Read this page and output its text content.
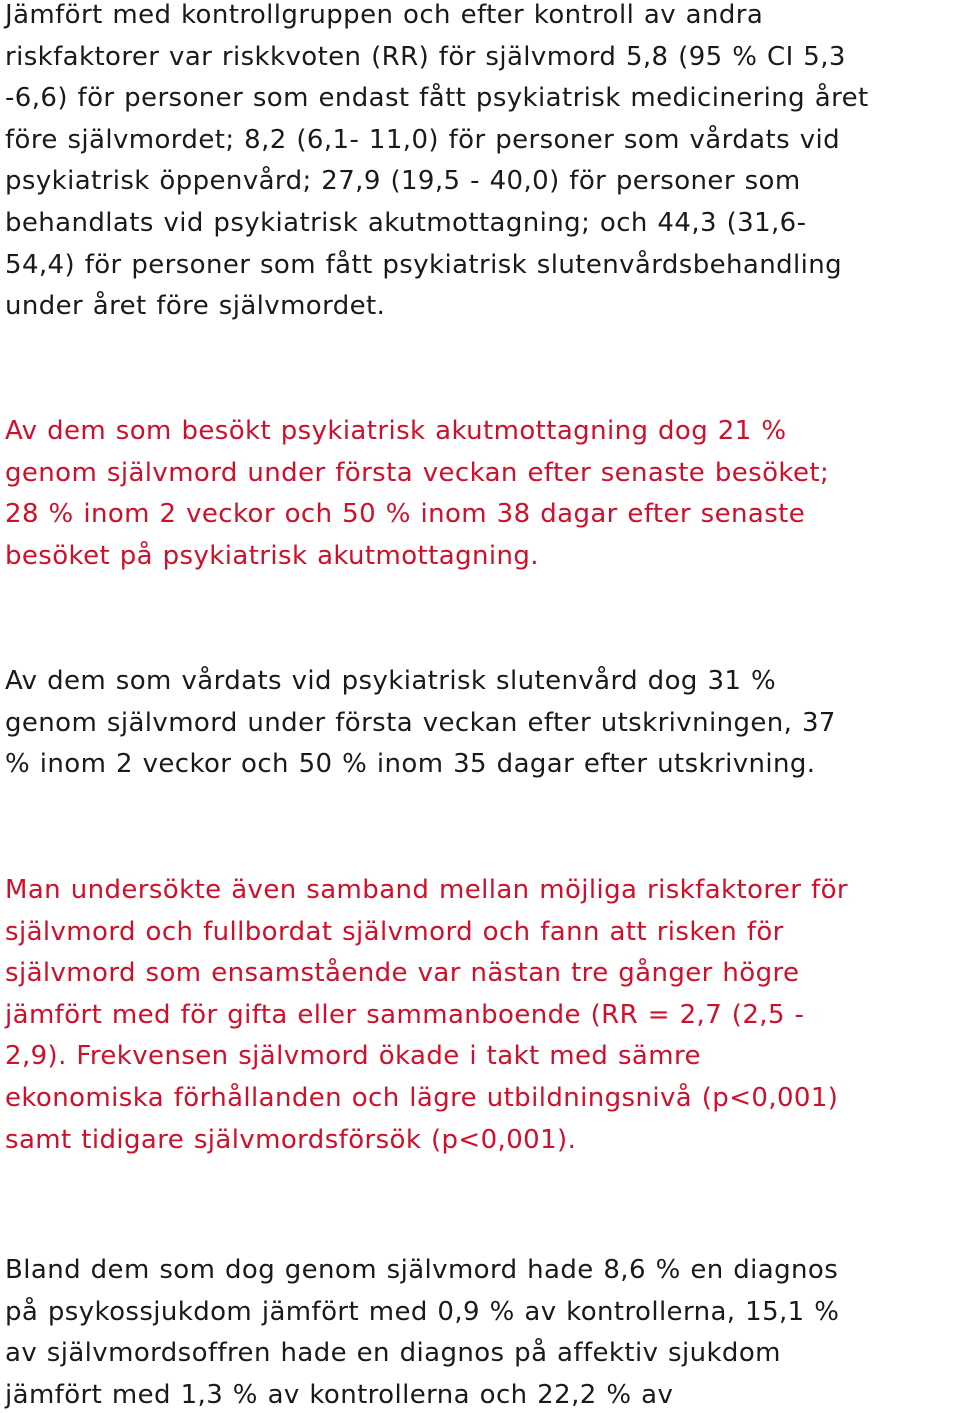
Jämfört med kontrollgruppen och efter kontroll av andra
riskfaktorer var riskkvoten (RR) för självmord 5,8 (95 % CI 5,3
-6,6) för personer som endast fått psykiatrisk medicinering året
före självmordet; 8,2 (6,1- 11,0) för personer som vårdats vid
psykiatrisk öppenvård; 27,9 (19,5 - 40,0) för personer som
behandlats vid psykiatrisk akutmottagning; och 44,3 (31,6-
54,4) för personer som fått psykiatrisk slutenvårdsbehandling
under året före självmordet.
Av dem som besökt psykiatrisk akutmottagning dog 21 %
genom självmord under första veckan efter senaste besöket;
28 % inom 2 veckor och 50 % inom 38 dagar efter senaste
besöket på psykiatrisk akutmottagning.
Av dem som vårdats vid psykiatrisk slutenvård dog 31 %
genom självmord under första veckan efter utskrivningen, 37
% inom 2 veckor och 50 % inom 35 dagar efter utskrivning.
Man undersökte även samband mellan möjliga riskfaktorer för
självmord och fullbordat självmord och fann att risken för
självmord som ensamstående var nästan tre gånger högre
jämfört med för gifta eller sammanboende (RR = 2,7 (2,5 -
2,9). Frekvensen självmord ökade i takt med sämre
ekonomiska förhållanden och lägre utbildningsnivå (p<0,001)
samt tidigare självmordsförsök (p<0,001).
Bland dem som dog genom självmord hade 8,6 % en diagnos
på psykossjukdom jämfört med 0,9 % av kontrollerna, 15,1 %
av självmordsoffren hade en diagnos på affektiv sjukdom
jämfört med 1,3 % av kontrollerna och 22,2 % av
